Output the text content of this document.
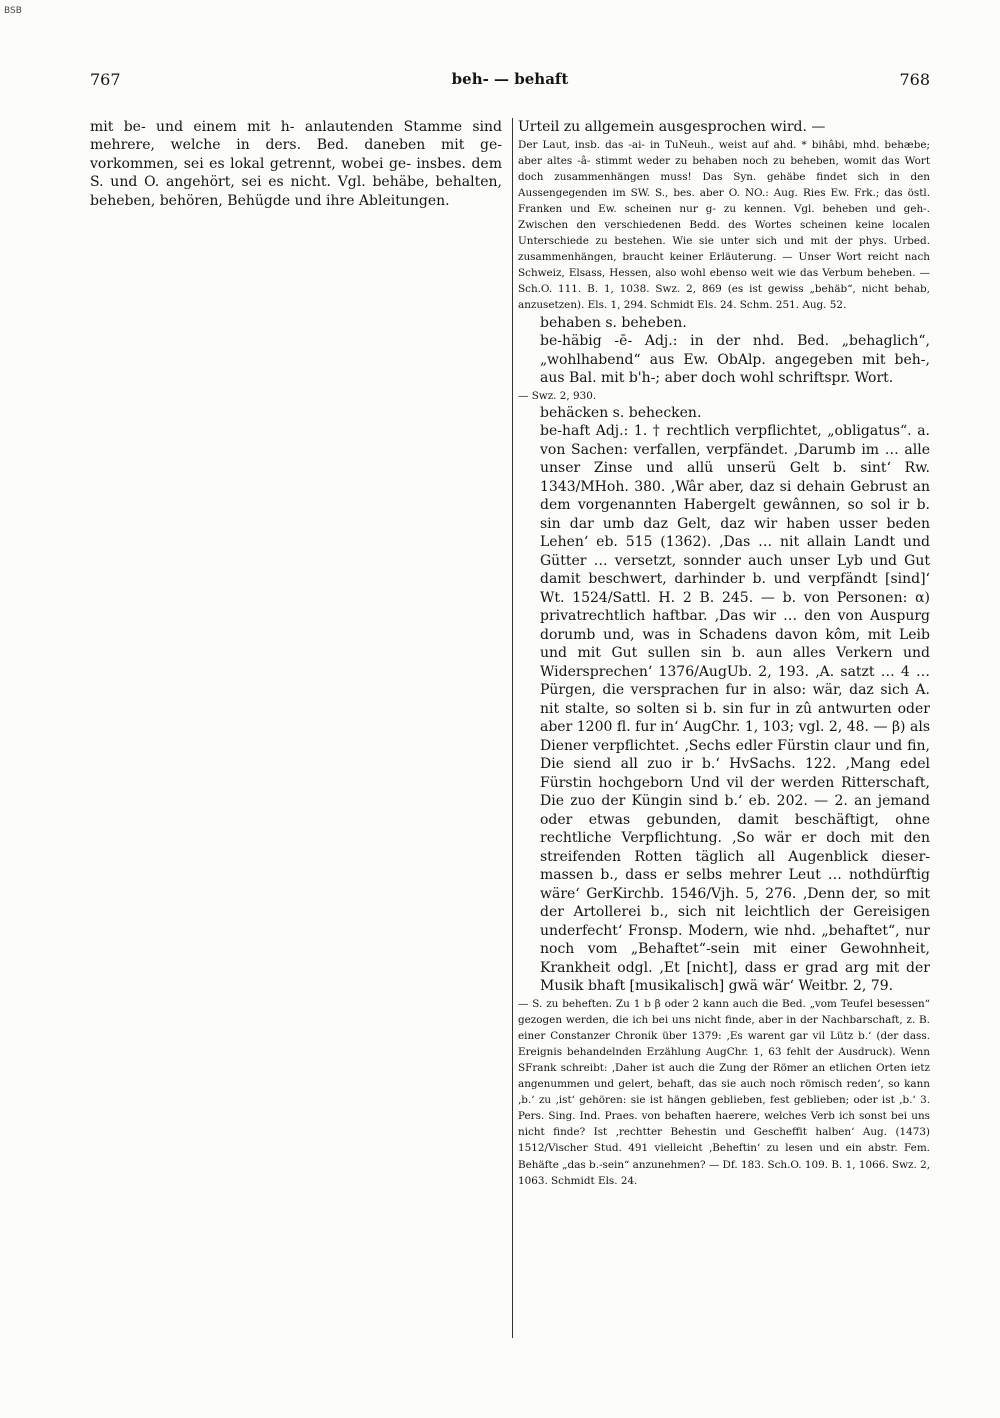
BSB
767	beh- — behaft	768

mit be- und einem mit h- anlautenden Stamme sind mehrere, welche in ders. Bed. daneben mit ge- vorkommen, sei es lokal getrennt, wobei ge- insbes. dem S. und O. angehört, sei es nicht. Vgl. behäbe, behalten, beheben, behören, Behügde und ihre Ableitungen.

Urteil zu allgemein ausgesprochen wird. —

Der Laut, insb. das -ai- in TuNeuh., weist auf ahd. * bihâbi, mhd. behæbe; aber altes -â- stimmt weder zu behaben noch zu beheben, womit das Wort doch zusammenhängen muss! Das Syn. gehäbe findet sich in den Aussengegenden im SW. S., bes. aber O. NO.: Aug. Ries Ew. Frk.; das östl. Franken und Ew. scheinen nur g- zu kennen. Vgl. beheben und geh-. Zwischen den verschiedenen Bedd. des Wortes scheinen keine localen Unterschiede zu bestehen. Wie sie unter sich und mit der phys. Urbed. zusammenhängen, braucht keiner Erläuterung. — Unser Wort reicht nach Schweiz, Elsass, Hessen, also wohl ebenso weit wie das Verbum beheben. — Sch.O. 111. B. 1, 1038. Swz. 2, 869 (es ist gewiss „behäb“, nicht behab, anzusetzen). Els. 1, 294. Schmidt Els. 24. Schm. 251. Aug. 52.

behaben s. beheben.

be-häbig -ē- Adj.: in der nhd. Bed. „behaglich“, „wohlhabend“ aus Ew. ObAlp. angegeben mit beh-, aus Bal. mit b'h-; aber doch wohl schriftspr. Wort.

— Swz. 2, 930.

behäcken s. behecken.

be-haft Adj.: 1. † rechtlich verpflichtet, „obligatus“. a. von Sachen: verfallen, verpfändet. ‚Darumb im … alle unser Zinse und allü unserü Gelt b. sint‘ Rw. 1343/MHoh. 380. ‚Wâr aber, daz si dehain Gebrust an dem vorgenannten Habergelt gewânnen, so sol ir b. sin dar umb daz Gelt, daz wir haben usser beden Lehen‘ eb. 515 (1362). ‚Das … nit allain Landt und Gütter … versetzt, sonnder auch unser Lyb und Gut damit beschwert, darhinder b. und verpfändt [sind]‘ Wt. 1524/Sattl. H. 2 B. 245. — b. von Personen: α) privatrechtlich haftbar. ‚Das wir … den von Auspurg dorumb und, was in Schadens davon kôm, mit Leib und mit Gut sullen sin b. aun alles Verkern und Widersprechen‘ 1376/AugUb. 2, 193. ‚A. satzt … 4 … Pürgen, die versprachen fur in also: wär, daz sich A. nit stalte, so solten si b. sin fur in zû antwurten oder aber 1200 fl. fur in‘ AugChr. 1, 103; vgl. 2, 48. — β) als Diener verpflichtet. ‚Sechs edler Fürstin claur und fin, Die siend all zuo ir b.‘ HvSachs. 122. ‚Mang edel Fürstin hochgeborn Und vil der werden Ritterschaft, Die zuo der Küngin sind b.‘ eb. 202. — 2. an jemand oder etwas gebunden, damit beschäftigt, ohne rechtliche Verpflichtung. ‚So wär er doch mit den streifenden Rotten täglich all Augenblick dieser-massen b., dass er selbs mehrer Leut … nothdürftig wäre‘ GerKirchb. 1546/Vjh. 5, 276. ‚Denn der, so mit der Artollerei b., sich nit leichtlich der Gereisigen underfecht‘ Fronsp. Modern, wie nhd. „behaftet“, nur noch vom „Behaftet“-sein mit einer Gewohnheit, Krankheit odgl. ‚Et [nicht], dass er grad arg mit der Musik bhaft [musikalisch] gwä wär‘ Weitbr. 2, 79.

— S. zu beheften. Zu 1 b β oder 2 kann auch die Bed. „vom Teufel besessen“ gezogen werden, die ich bei uns nicht finde, aber in der Nachbarschaft, z. B. einer Constanzer Chronik über 1379: ‚Es warent gar vil Lütz b.‘ (der dass. Ereignis behandelnden Erzählung AugChr. 1, 63 fehlt der Ausdruck). Wenn SFrank schreibt: ‚Daher ist auch die Zung der Römer an etlichen Orten ietz angenummen und gelert, behaft, das sie auch noch römisch reden‘, so kann ‚b.‘ zu ‚ist‘ gehören: sie ist hängen geblieben, fest geblieben; oder ist ‚b.‘ 3. Pers. Sing. Ind. Praes. von behaften haerere, welches Verb ich sonst bei uns nicht finde? Ist ‚rechtter Behestin und Gescheffit halben‘ Aug. (1473) 1512/Vischer Stud. 491 vielleicht ‚Beheftin‘ zu lesen und ein abstr. Fem. Behäfte „das b.-sein“ anzunehmen? — Df. 183. Sch.O. 109. B. 1, 1066. Swz. 2, 1063. Schmidt Els. 24.
